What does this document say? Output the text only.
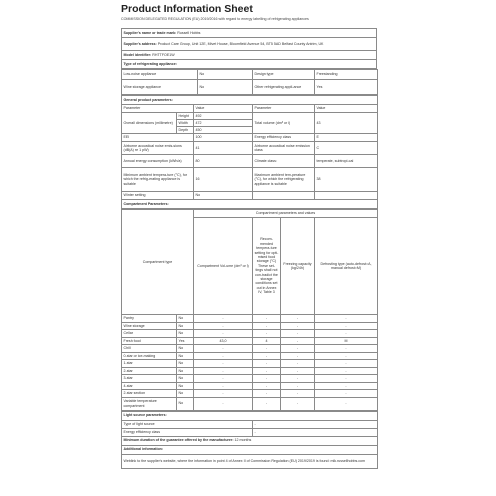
Product Information Sheet
COMMISSION DELEGATED REGULATION (EU) 2019/2016 with regard to energy labelling of refrigerating appliances
Supplier's name or trade mark: Russell Hobbs
Supplier's address: Product Care Group, Unit 12E, Mivet House, Bloomfield Avenue 54, BT5 5AD Belfast County Antrim, UK
Model identifier: RHTTFOE1W
Type of refrigerating appliance:
Low-noise appliance	No	Design type	Freestanding
Wine storage appliance	No	Other refrigerating appli-ance	Yes
General product parameters:				
Parameter		Value	Parameter	Value
Overall dimensions (millimetre)	Height	492	Total volume (dm³ or l)	43
	Width	472		
	Depth	450		
EEI		100	Energy efficiency class	E
Airborne acoustical noise emis-sions (dB(A) re 1 pW)		41	Airborne acoustical noise emission class	C
Annual energy consumption (kWh/a)		80	Climate class:	temperate, subtropi-cal
Minimum ambient tempera-ture (°C), for which the refrig-erating appliance is suitable		16	Maximum ambient tem-perature (°C), for which the refrigerating appliance is suitable	38
Winter setting		No		
Compartment Parameters:				
Compartment type		Compartment parameters and values			
		Compartment Vol-ume (dm³ or l)	Recom-mended tempera-ture setting for opti-mised food storage (°C) These set-tings shall not con-tradict the storage conditions set out in Annex IV, Table 3	Freezing capacity (kg/24h)	Defrosting type (auto-defrost=A, manual defrost=M)
Pantry	No	-	-	-	-
Wine storage	No	-	-	-	-
Cellar	No	-	-	-	-
Fresh food	Yes	43,0	4	-	M
Chill	No	-	-	-	-
0-star or ice-making	No	-	-	-	-
1-star	No	-	-	-	-
2-star	No	-	-	-	-
3-star	No	-	-	-	-
4-star	No	-	-	-	-
2-star section	No	-	-	-	-
Variable temperature compartment	No	-	-	-	-
Light source parameters:	
Type of light source	-
Energy efficiency class	-
Minimum duration of the guarantee offered by the manufacturer: 12 months	
Additional information:	
Weblink to the supplier's website, where the information in point 4 of Annex II of Commission Regulation (EU) 2019/2019 is found: mlk.russellhobbs.com	
